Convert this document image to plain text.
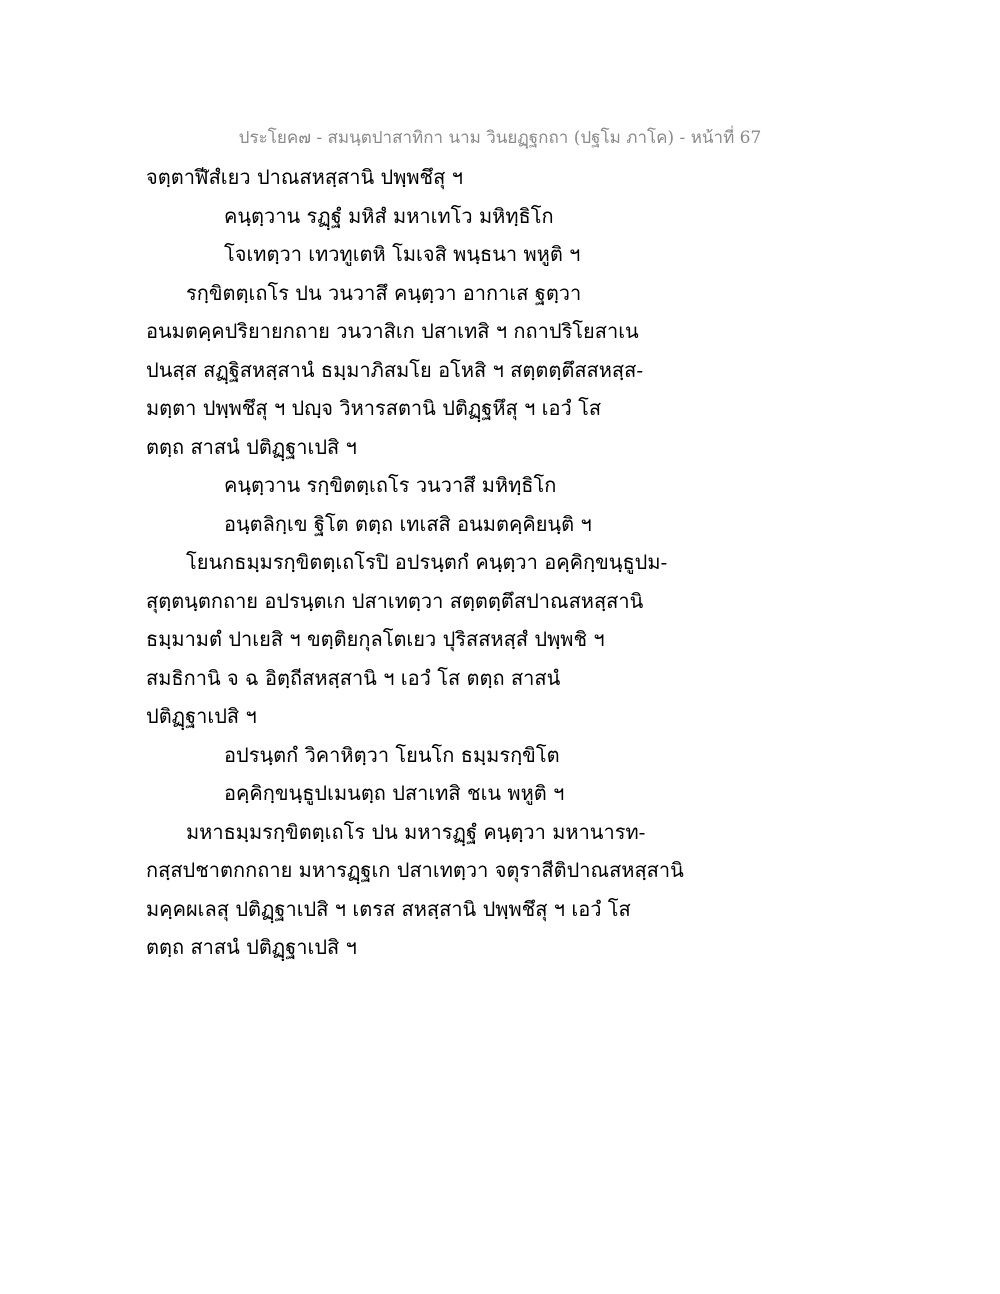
ประโยค๗ - สมนฺตปาสาทิกา นาม วินยฏฺฐกถา (ปฐโม ภาโค) - หน้าที่ 67
จตฺตาฬีสํเยว ปาณสหสฺสานิ ปพฺพชึสุ ฯ
คนฺตฺวาน รฏฺฐํ มหิสํ มหาเทโว มหิทฺธิโก
โจเทตฺวา เทวทูเตหิ โมเจสิ พนฺธนา พหูติ ฯ
รกฺขิตตฺเถโร ปน วนวาสึ คนฺตฺวา อากาเส ฐตฺวา
อนมตคฺคปริยายกถาย วนวาสิเก ปสาเทสิ ฯ กถาปริโยสาเน
ปนสฺส สฏฺฐิสหสฺสานํ ธมฺมาภิสมโย อโหสิ ฯ สตฺตตฺตึสสหสฺส-
มตฺตา ปพฺพชึสุ ฯ ปญฺจ วิหารสตานิ ปติฏฺฐหึสุ ฯ เอวํ โส
ตตฺถ สาสนํ ปติฏฺฐาเปสิ ฯ
คนฺตฺวาน รกฺขิตตฺเถโร วนวาสึ มหิทฺธิโก
อนฺตลิกฺเข ฐิโต ตตฺถ เทเสสิ อนมตคฺคิยนฺติ ฯ
โยนกธมฺมรกฺขิตตฺเถโรปิ อปรนฺตกํ คนฺตฺวา อคฺคิกฺขนฺธูปม-
สุตฺตนฺตกถาย อปรนฺตเก ปสาเทตฺวา สตฺตตฺตึสปาณสหสฺสานิ
ธมฺมามตํ ปาเยสิ ฯ ขตฺติยกุลโตเยว ปุริสสหสฺสํ ปพฺพชิ ฯ
สมธิกานิ จ ฉ อิตฺถีสหสฺสานิ ฯ เอวํ โส ตตฺถ สาสนํ
ปติฏฺฐาเปสิ ฯ
อปรนฺตกํ วิคาหิตฺวา โยนโก ธมฺมรกฺขิโต
อคฺคิกฺขนฺธูปเมนตฺถ ปสาเทสิ ชเน พหูติ ฯ
มหาธมฺมรกฺขิตตฺเถโร ปน มหารฏฺฐํ คนฺตฺวา มหานารท-
กสฺสปชาตกกถาย มหารฏฺฐเก ปสาเทตฺวา จตุราสีติปาณสหสฺสานิ
มคฺคผเลสุ ปติฏฺฐาเปสิ ฯ เตรส สหสฺสานิ ปพฺพชึสุ ฯ เอวํ โส
ตตฺถ สาสนํ ปติฏฺฐาเปสิ ฯ
